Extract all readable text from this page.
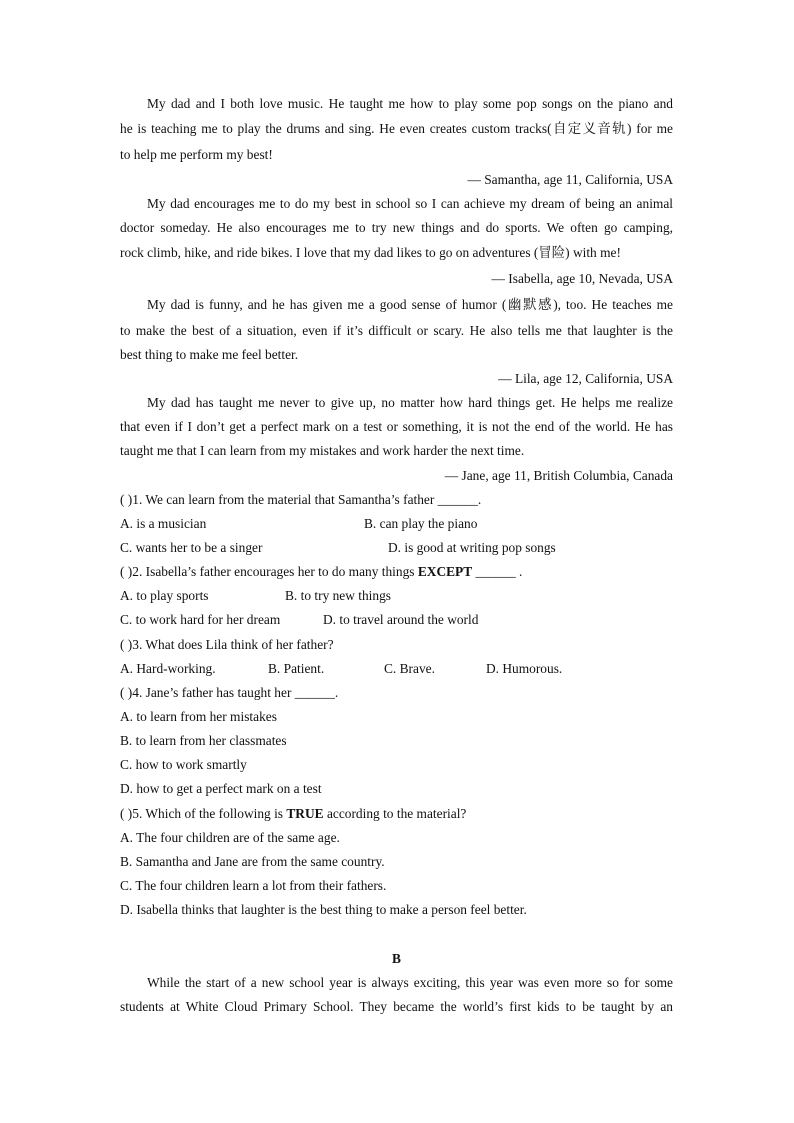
My dad and I both love music. He taught me how to play some pop songs on the piano and
he is teaching me to play the drums and sing. He even creates custom tracks(自定义音轨) for me
to help me perform my best!
— Samantha, age 11, California, USA
My dad encourages me to do my best in school so I can achieve my dream of being an animal
doctor someday. He also encourages me to try new things and do sports. We often go camping,
rock climb, hike, and ride bikes. I love that my dad likes to go on adventures (冒险) with me!
— Isabella, age 10, Nevada, USA
My dad is funny, and he has given me a good sense of humor (幽默感), too. He teaches me
to make the best of a situation, even if it’s difficult or scary. He also tells me that laughter is the
best thing to make me feel better.
— Lila, age 12, California, USA
My dad has taught me never to give up, no matter how hard things get. He helps me realize
that even if I don’t get a perfect mark on a test or something, it is not the end of the world. He has
taught me that I can learn from my mistakes and work harder the next time.
— Jane, age 11, British Columbia, Canada
( )1. We can learn from the material that Samantha’s father ______.
A. is a musician	B. can play the piano
C. wants her to be a singer	D. is good at writing pop songs
( )2. Isabella’s father encourages her to do many things EXCEPT ______ .
A. to play sports	B. to try new things
C. to work hard for her dream	D. to travel around the world
( )3. What does Lila think of her father?
A. Hard-working.	B. Patient.	C. Brave.	D. Humorous.
( )4. Jane’s father has taught her ______.
A. to learn from her mistakes
B. to learn from her classmates
C. how to work smartly
D. how to get a perfect mark on a test
( )5. Which of the following is TRUE according to the material?
A. The four children are of the same age.
B. Samantha and Jane are from the same country.
C. The four children learn a lot from their fathers.
D. Isabella thinks that laughter is the best thing to make a person feel better.
B
While the start of a new school year is always exciting, this year was even more so for some
students at White Cloud Primary School. They became the world’s first kids to be taught by an
